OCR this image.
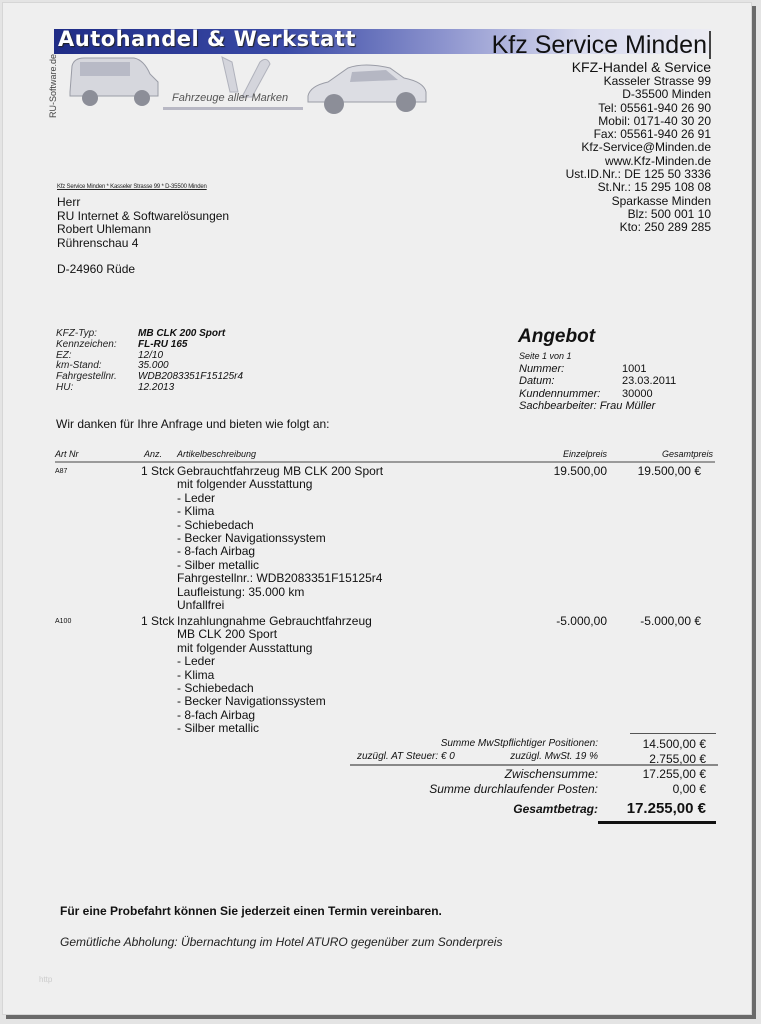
Autohandel & Werkstatt	Kfz Service Minden
RU-Software.de	Fahrzeuge aller Marken
KFZ-Handel & Service
Kasseler Strasse 99
D-35500 Minden
Tel: 05561-940 26 90
Mobil: 0171-40 30 20
Fax: 05561-940 26 91
Kfz-Service@Minden.de
www.Kfz-Minden.de
Ust.ID.Nr.: DE 125 50 3336
St.Nr.: 15 295 108 08
Sparkasse Minden
Blz: 500 001 10
Kto: 250 289 285
Kfz Service Minden * Kasseler Strasse 99 * D-35500 Minden
Herr
RU Internet & Softwarelösungen
Robert Uhlemann
Rührenschau 4
D-24960 Rüde
KFZ-Typ:	MB CLK 200 Sport
Kennzeichen:	FL-RU 165
EZ:	12/10
km-Stand:	35.000
Fahrgestellnr.	WDB2083351F15125r4
HU:	12.2013
Angebot
Seite 1 von 1
Nummer:	1001
Datum:	23.03.2011
Kundennummer:	30000
Sachbearbeiter: Frau Müller
Wir danken für Ihre Anfrage und bieten wie folgt an:
Art Nr	Anz. Artikelbeschreibung	Einzelpreis	Gesamtpreis
A87	1 Stck Gebrauchtfahrzeug MB CLK 200 Sport
mit folgender Ausstattung
- Leder
- Klima
- Schiebedach
- Becker Navigationssystem
- 8-fach Airbag
- Silber metallic
Fahrgestellnr.: WDB2083351F15125r4
Laufleistung: 35.000 km
Unfallfrei
19.500,00	19.500,00 €
A100	1 Stck Inzahlungnahme Gebrauchtfahrzeug
MB CLK 200 Sport
mit folgender Ausstattung
- Leder
- Klima
- Schiebedach
- Becker Navigationssystem
- 8-fach Airbag
- Silber metallic
-5.000,00	-5.000,00 €
Summe MwStpflichtiger Positionen:	14.500,00 €
zuzügl. AT Steuer: € 0	zuzügl. MwSt. 19 %	2.755,00 €
Zwischensumme:	17.255,00 €
Summe durchlaufender Posten:	0,00 €
Gesamtbetrag: 17.255,00 €
Für eine Probefahrt können Sie jederzeit einen Termin vereinbaren.
Gemütliche Abholung: Übernachtung im Hotel ATURO gegenüber zum Sonderpreis
http
